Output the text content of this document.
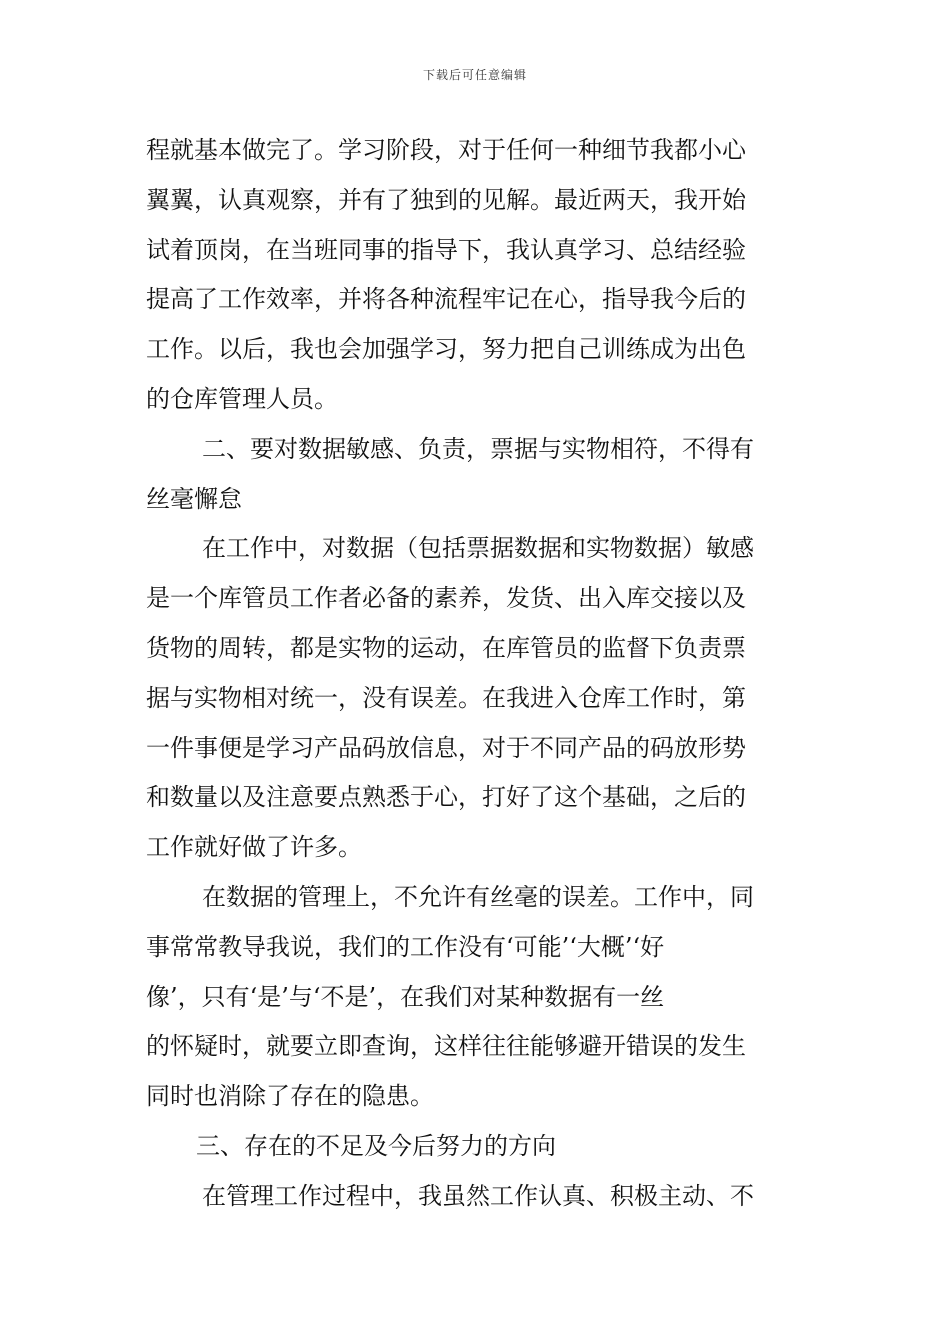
下载后可任意编辑
程就基本做完了。学习阶段，对于任何一种细节我都小心
翼翼，认真观察，并有了独到的见解。最近两天，我开始
试着顶岗，在当班同事的指导下，我认真学习、总结经验
提高了工作效率，并将各种流程牢记在心，指导我今后的
工作。以后，我也会加强学习，努力把自己训练成为出色
的仓库管理人员。
二、要对数据敏感、负责，票据与实物相符，不得有
丝毫懈怠
在工作中，对数据（包括票据数据和实物数据）敏感
是一个库管员工作者必备的素养，发货、出入库交接以及
货物的周转，都是实物的运动，在库管员的监督下负责票
据与实物相对统一，没有误差。在我进入仓库工作时，第
一件事便是学习产品码放信息，对于不同产品的码放形势
和数量以及注意要点熟悉于心，打好了这个基础，之后的
工作就好做了许多。
在数据的管理上，不允许有丝毫的误差。工作中，同
事常常教导我说，我们的工作没有‘可能’‘大概’‘好
像’，只有‘是’与‘不是’，在我们对某种数据有一丝
的怀疑时，就要立即查询，这样往往能够避开错误的发生
同时也消除了存在的隐患。
三、存在的不足及今后努力的方向
在管理工作过程中，我虽然工作认真、积极主动、不
